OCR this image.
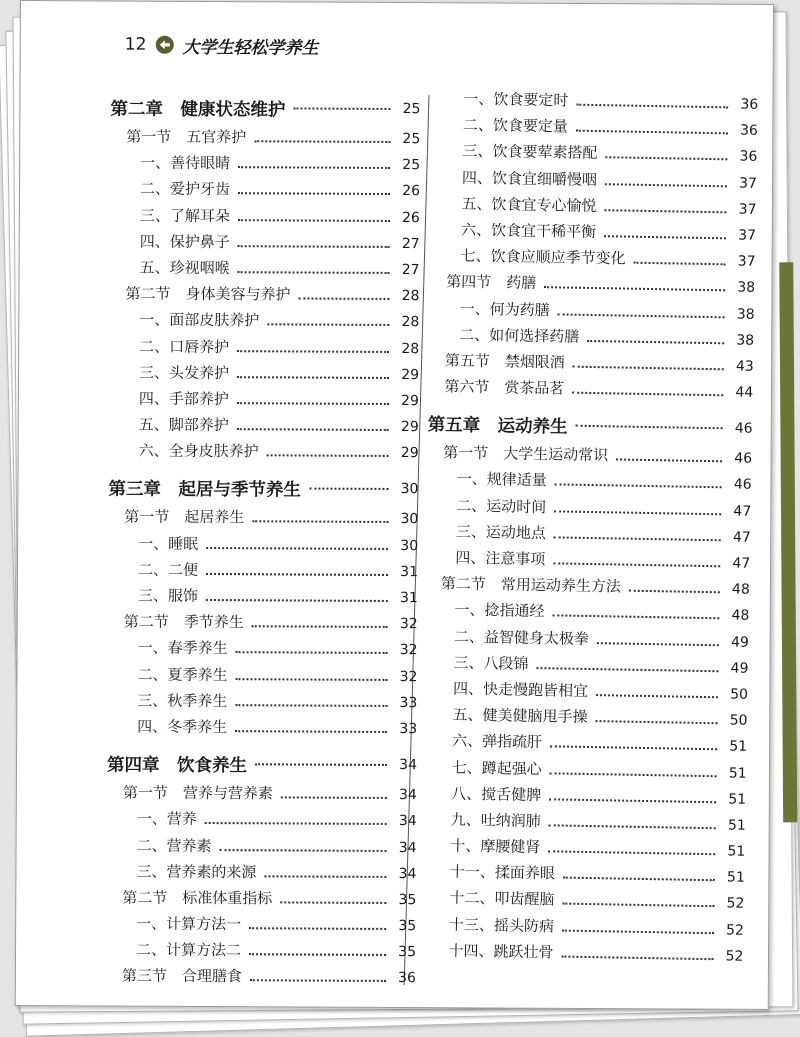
12 大学生轻松学养生
第二章　健康状态维护	25
第一节　五官养护	25
一、善待眼睛	25
二、爱护牙齿	26
三、了解耳朵	26
四、保护鼻子	27
五、珍视咽喉	27
第二节　身体美容与养护	28
一、面部皮肤养护	28
二、口唇养护	28
三、头发养护	29
四、手部养护	29
五、脚部养护	29
六、全身皮肤养护	29
第三章　起居与季节养生	30
第一节　起居养生	30
一、睡眠	30
二、二便	31
三、服饰	31
第二节　季节养生	32
一、春季养生	32
二、夏季养生	32
三、秋季养生	33
四、冬季养生	33
第四章　饮食养生	34
第一节　营养与营养素	34
一、营养	34
二、营养素	34
三、营养素的来源	34
第二节　标准体重指标	35
一、计算方法一	35
二、计算方法二	35
第三节　合理膳食	36
一、饮食要定时	36
二、饮食要定量	36
三、饮食要荤素搭配	36
四、饮食宜细嚼慢咽	37
五、饮食宜专心愉悦	37
六、饮食宜干稀平衡	37
七、饮食应顺应季节变化	37
第四节　药膳	38
一、何为药膳	38
二、如何选择药膳	38
第五节　禁烟限酒	43
第六节　赏茶品茗	44
第五章　运动养生	46
第一节　大学生运动常识	46
一、规律适量	46
二、运动时间	47
三、运动地点	47
四、注意事项	47
第二节　常用运动养生方法	48
一、捻指通经	48
二、益智健身太极拳	49
三、八段锦	49
四、快走慢跑皆相宜	50
五、健美健脑甩手操	50
六、弹指疏肝	51
七、蹲起强心	51
八、搅舌健脾	51
九、吐纳润肺	51
十、摩腰健肾	51
十一、揉面养眼	51
十二、叩齿醒脑	52
十三、摇头防病	52
十四、跳跃壮骨	52
